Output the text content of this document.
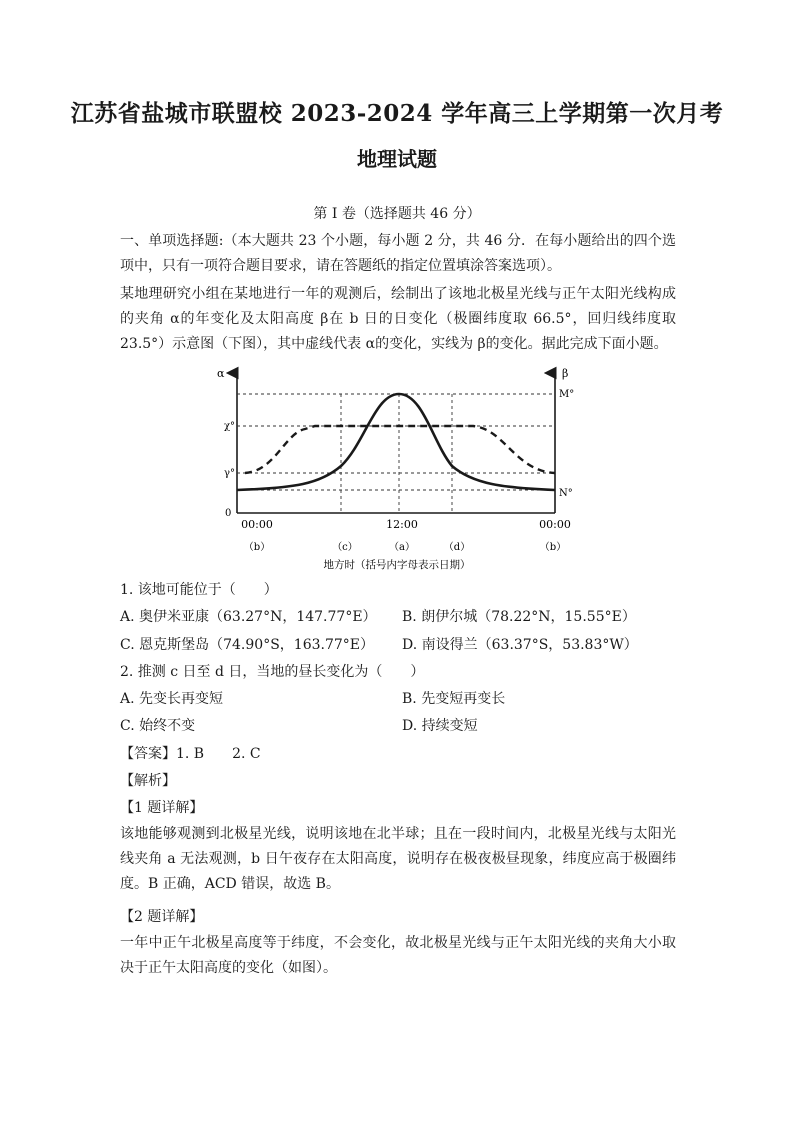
江苏省盐城市联盟校 2023-2024 学年高三上学期第一次月考
地理试题
第 I 卷（选择题共 46 分）
一、单项选择题:（本大题共 23 个小题，每小题 2 分，共 46 分．在每小题给出的四个选项中，只有一项符合题目要求，请在答题纸的指定位置填涂答案选项）。
某地理研究小组在某地进行一年的观测后，绘制出了该地北极星光线与正午太阳光线构成的夹角 α的年变化及太阳高度 β在 b 日的日变化（极圈纬度取 66.5°，回归线纬度取 23.5°）示意图（下图），其中虚线代表 α的变化，实线为 β的变化。据此完成下面小题。
α	β
χ°
γ°
0
M°
N°
00:00	12:00	00:00
（b）	（c）	（a）	（d）	（b）
地方时（括号内字母表示日期）
1. 该地可能位于（　　）
A. 奥伊米亚康（63.27°N，147.77°E） B. 朗伊尔城（78.22°N，15.55°E）
C. 恩克斯堡岛（74.90°S，163.77°E） D. 南设得兰（63.37°S，53.83°W）
2. 推测 c 日至 d 日，当地的昼长变化为（　　）
A. 先变长再变短	B. 先变短再变长
C. 始终不变	D. 持续变短
【答案】1. B　　2. C
【解析】
【1 题详解】
该地能够观测到北极星光线，说明该地在北半球；且在一段时间内，北极星光线与太阳光线夹角 a 无法观测，b 日午夜存在太阳高度，说明存在极夜极昼现象，纬度应高于极圈纬度。B 正确，ACD 错误，故选 B。
【2 题详解】
一年中正午北极星高度等于纬度，不会变化，故北极星光线与正午太阳光线的夹角大小取决于正午太阳高度的变化（如图）。
